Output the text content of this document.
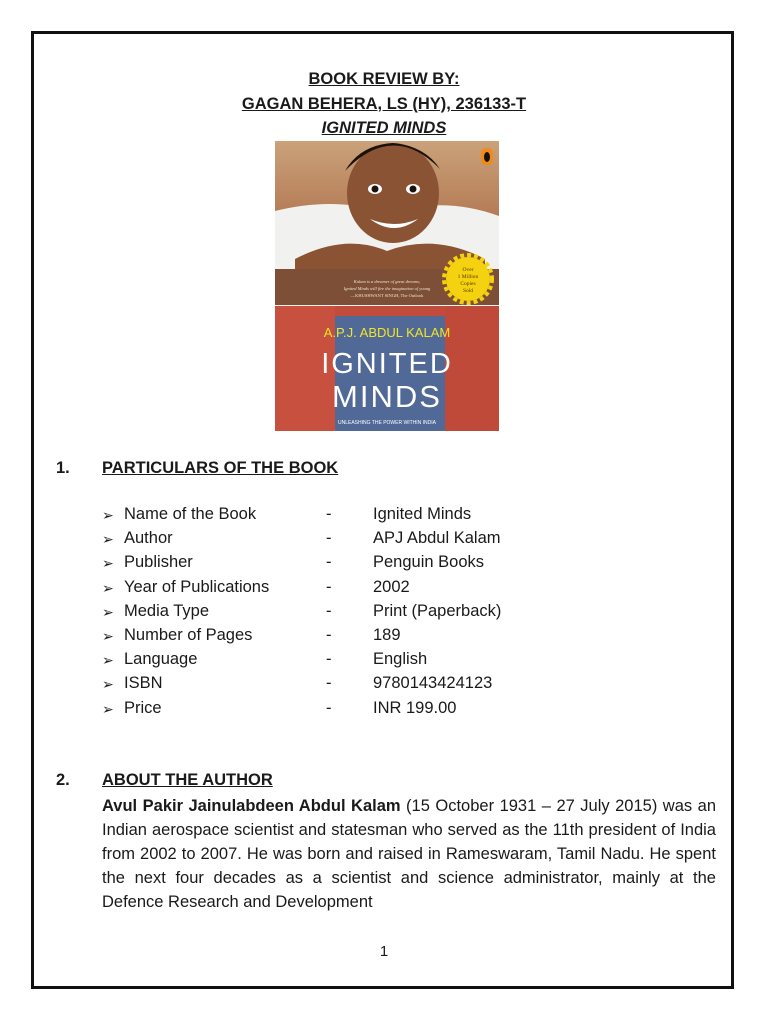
BOOK REVIEW BY:
GAGAN BEHERA, LS (HY), 236133-T
IGNITED MINDS
Kalam is a dreamer of great dreams;
Ignited Minds will fire the imagination of young
—KHUSHWANT SINGH, The Outlook
Over
1 Million
Copies
Sold
A.P.J. ABDUL KALAM
IGNITED
MINDS
UNLEASHING THE POWER WITHIN INDIA
1. PARTICULARS OF THE BOOK
➢ Name of the Book	-	Ignited Minds
➢ Author	-	APJ Abdul Kalam
➢ Publisher	-	Penguin Books
➢ Year of Publications	-	2002
➢ Media Type	-	Print (Paperback)
➢ Number of Pages	-	189
➢ Language	-	English
➢ ISBN	-	9780143424123
➢ Price	-	INR 199.00
2. ABOUT THE AUTHOR
Avul Pakir Jainulabdeen Abdul Kalam (15 October 1931 – 27 July 2015) was an Indian aerospace scientist and statesman who served as the 11th president of India from 2002 to 2007. He was born and raised in Rameswaram, Tamil Nadu. He spent the next four decades as a scientist and science administrator, mainly at the Defence Research and Development
1
